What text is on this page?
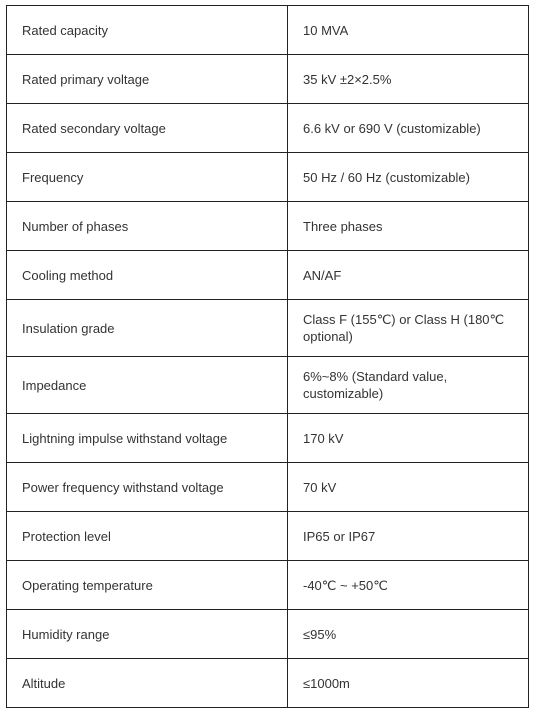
Rated capacity	10 MVA
Rated primary voltage	35 kV ±2×2.5%
Rated secondary voltage	6.6 kV or 690 V (customizable)
Frequency	50 Hz / 60 Hz (customizable)
Number of phases	Three phases
Cooling method	AN/AF
Insulation grade	Class F (155℃) or Class H (180℃ optional)
Impedance	6%~8% (Standard value, customizable)
Lightning impulse withstand voltage	170 kV
Power frequency withstand voltage	70 kV
Protection level	IP65 or IP67
Operating temperature	-40℃ ~ +50℃
Humidity range	≤95%
Altitude	≤1000m
